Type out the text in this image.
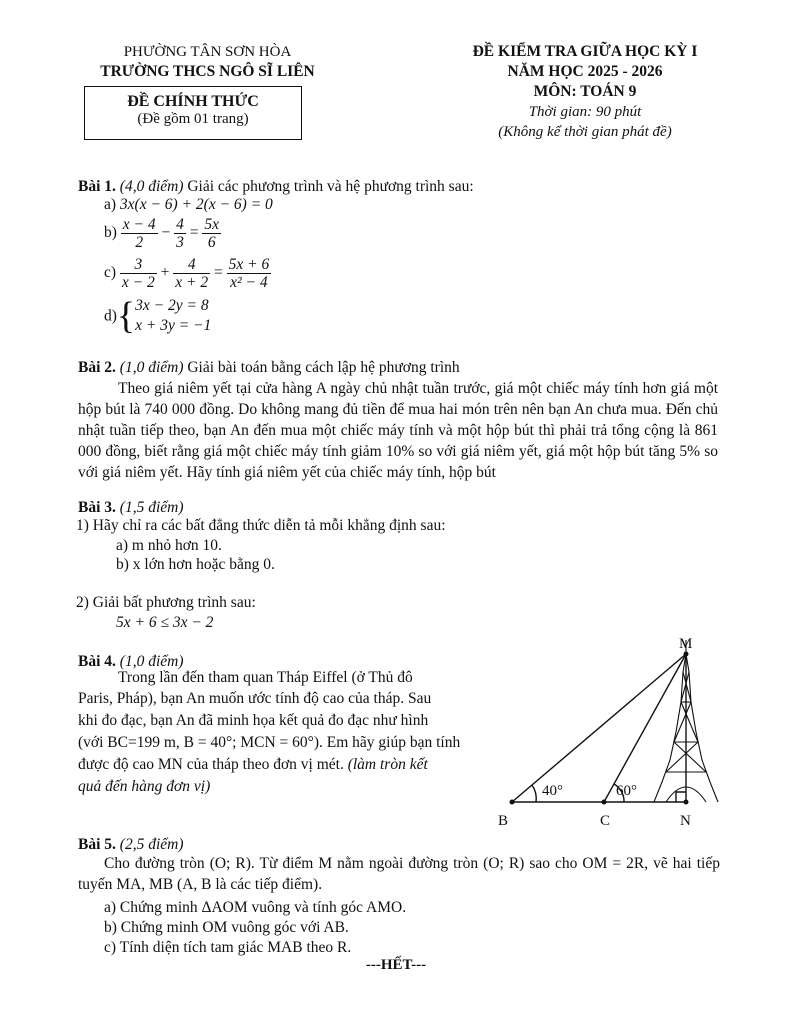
PHƯỜNG TÂN SƠN HÒA
TRƯỜNG THCS NGÔ SĨ LIÊN
ĐỀ CHÍNH THỨC
(Đề gồm 01 trang)
ĐỀ KIỂM TRA GIỮA HỌC KỲ I
NĂM HỌC 2025 - 2026
MÔN: TOÁN 9
Thời gian: 90 phút
(Không kể thời gian phát đề)
Bài 1. (4,0 điểm) Giải các phương trình và hệ phương trình sau:
a) 3x(x − 6) + 2(x − 6) = 0
$b) \frac{x - 4}{2} - \frac{4}{3} = \frac{5x}{6}$
$c) \frac{3}{x - 2} + \frac{4}{x + 2} = \frac{5x + 6}{\text{x² − 4}}$
d){ 3x − 2y = 8
x + 3y = −1
Bài 2. (1,0 điểm) Giải bài toán bằng cách lập hệ phương trình
Theo giá niêm yết tại cửa hàng A ngày chủ nhật tuần trước, giá một chiếc máy tính hơn giá một hộp bút là 740 000 đồng. Do không mang đủ tiền để mua hai món trên nên bạn An chưa mua. Đến chủ nhật tuần tiếp theo, bạn An đến mua một chiếc máy tính và một hộp bút thì phải trả tổng cộng là 861 000 đồng, biết rằng giá một chiếc máy tính giảm 10% so với giá niêm yết, giá một hộp bút tăng 5% so với giá niêm yết. Hãy tính giá niêm yết của chiếc máy tính, hộp bút
Bài 3. (1,5 điểm)
1) Hãy chỉ ra các bất đẳng thức diễn tả mỗi khẳng định sau:
a) m nhỏ hơn 10.
b) x lớn hơn hoặc bằng 0.
2) Giải bất phương trình sau:
5x + 6 ≤ 3x − 2
Bài 4. (1,0 điểm)
Trong lần đến tham quan Tháp Eiffel (ở Thủ đô
Paris, Pháp), bạn An muốn ước tính độ cao của tháp. Sau
khi đo đạc, bạn An đã minh họa kết quả đo đạc như hình
(với BC=199 m, B = 40°; MCN = 60°). Em hãy giúp bạn tính
được độ cao MN của tháp theo đơn vị mét. (làm tròn kết
quả đến hàng đơn vị)
M
B	C	N
40°	60°
Bài 5. (2,5 điểm)
Cho đường tròn (O; R). Từ điểm M nằm ngoài đường tròn (O; R) sao cho OM = 2R, vẽ hai tiếp tuyến MA, MB (A, B là các tiếp điểm).
a) Chứng minh ΔAOM vuông và tính góc AMO.
b) Chứng minh OM vuông góc với AB.
c) Tính diện tích tam giác MAB theo R.
---HẾT---
